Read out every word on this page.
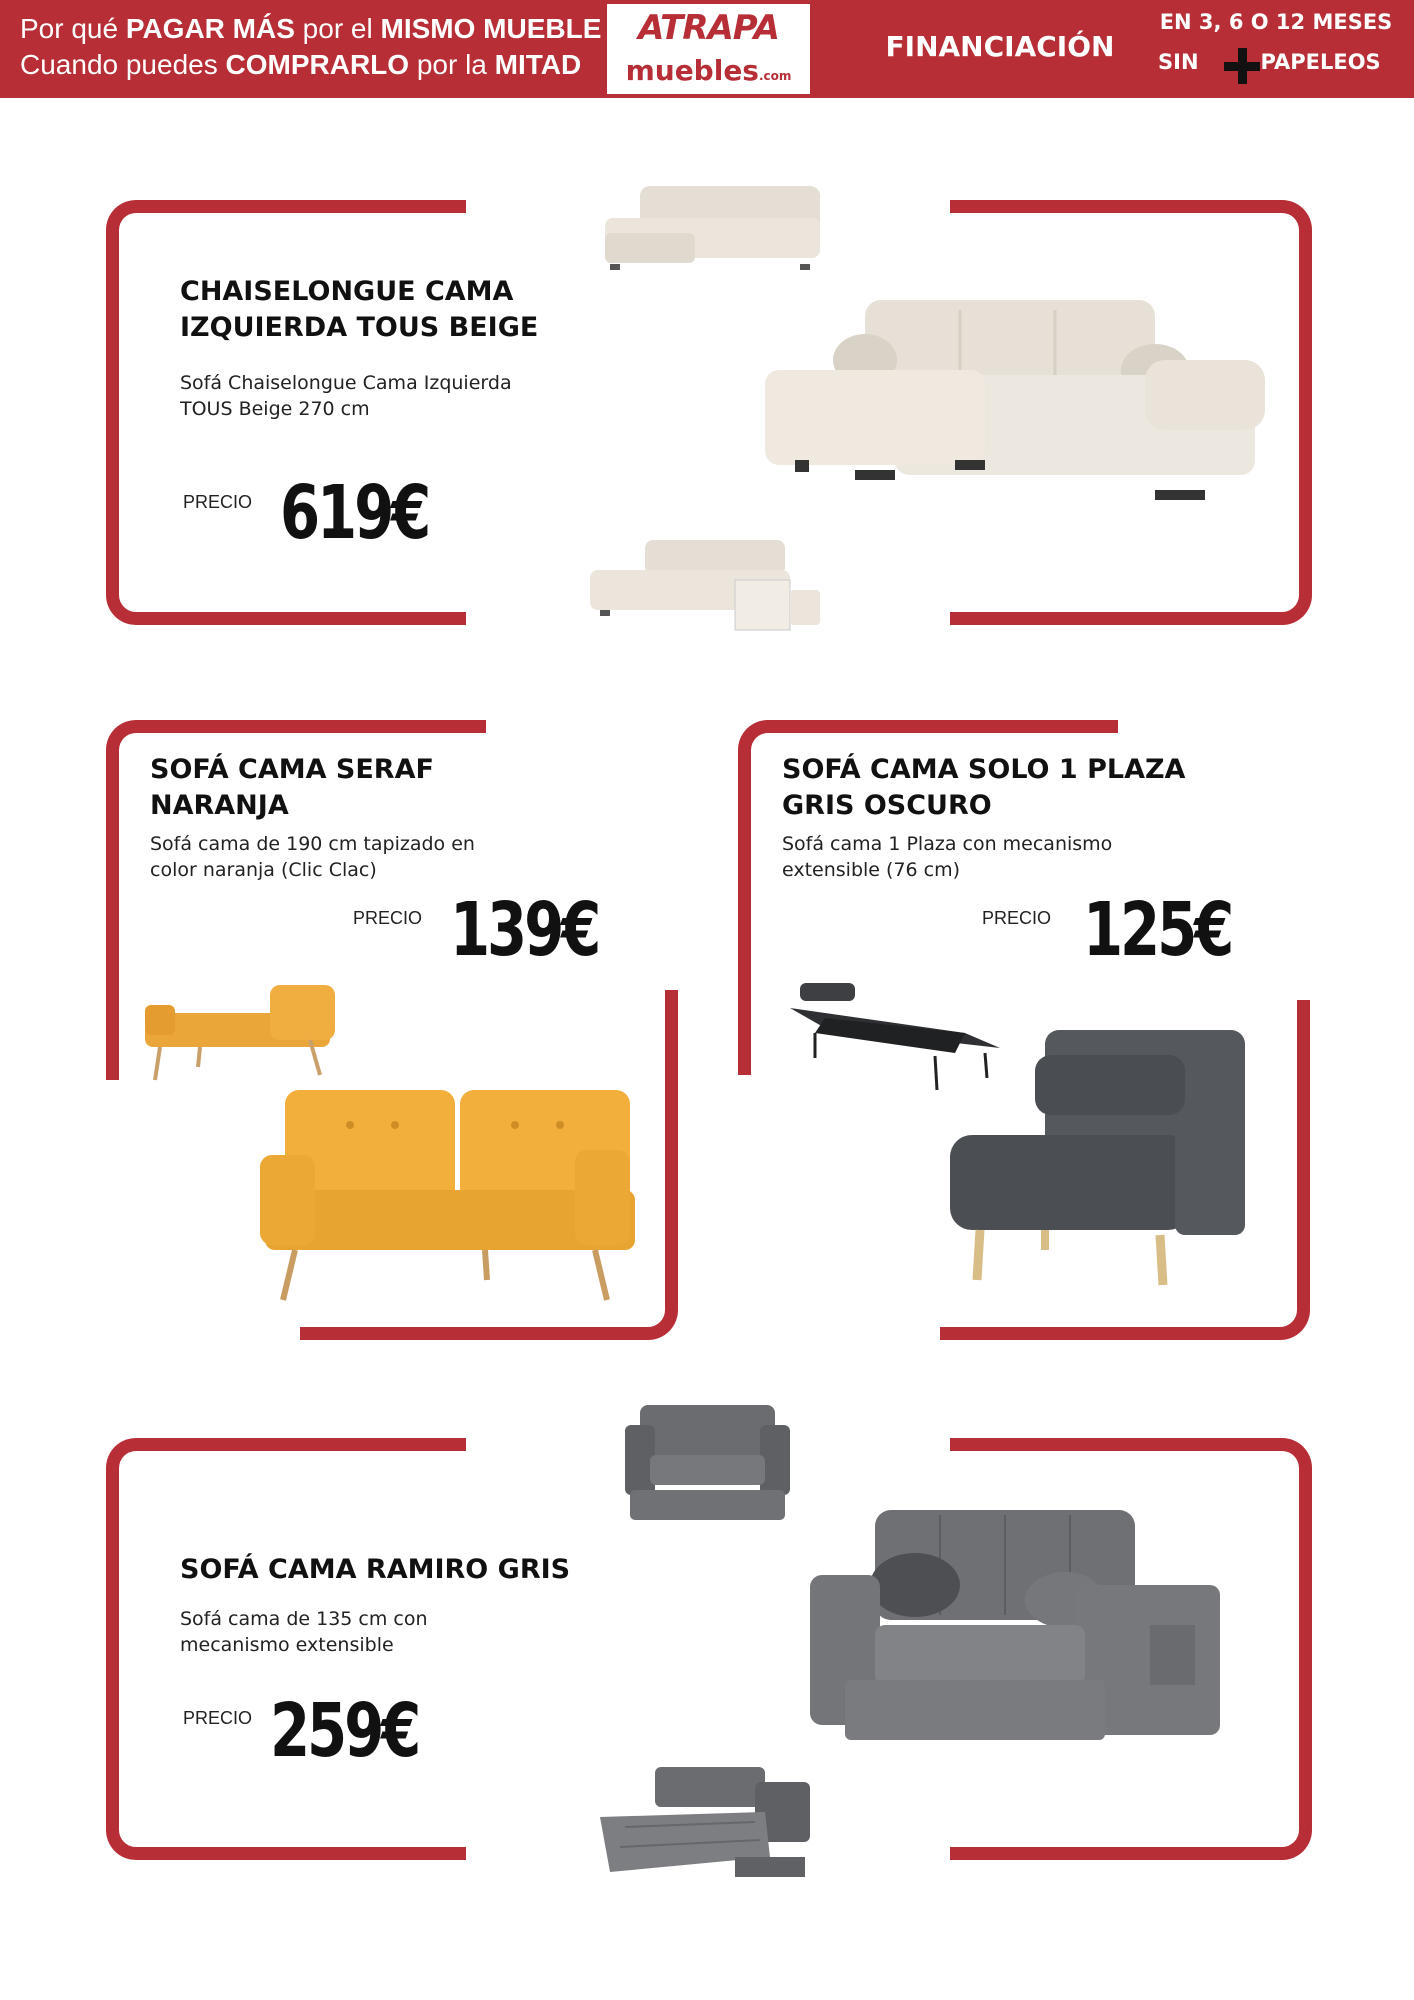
Por qué PAGAR MÁS por el MISMO MUEBLE
Cuando puedes COMPRARLO por la MITAD
ATRAPA
muebles.com
FINANCIACIÓN
EN 3, 6 O 12 MESES
SIN	PAPELEOS
CHAISELONGUE CAMA
IZQUIERDA TOUS BEIGE
Sofá Chaiselongue Cama Izquierda
TOUS Beige 270 cm
PRECIO 619€
SOFÁ CAMA SERAF
NARANJA
Sofá cama de 190 cm tapizado en
color naranja (Clic Clac)
PRECIO 139€
SOFÁ CAMA SOLO 1 PLAZA
GRIS OSCURO
Sofá cama 1 Plaza con mecanismo
extensible (76 cm)
PRECIO 125€
SOFÁ CAMA RAMIRO GRIS
Sofá cama de 135 cm con
mecanismo extensible
PRECIO 259€
